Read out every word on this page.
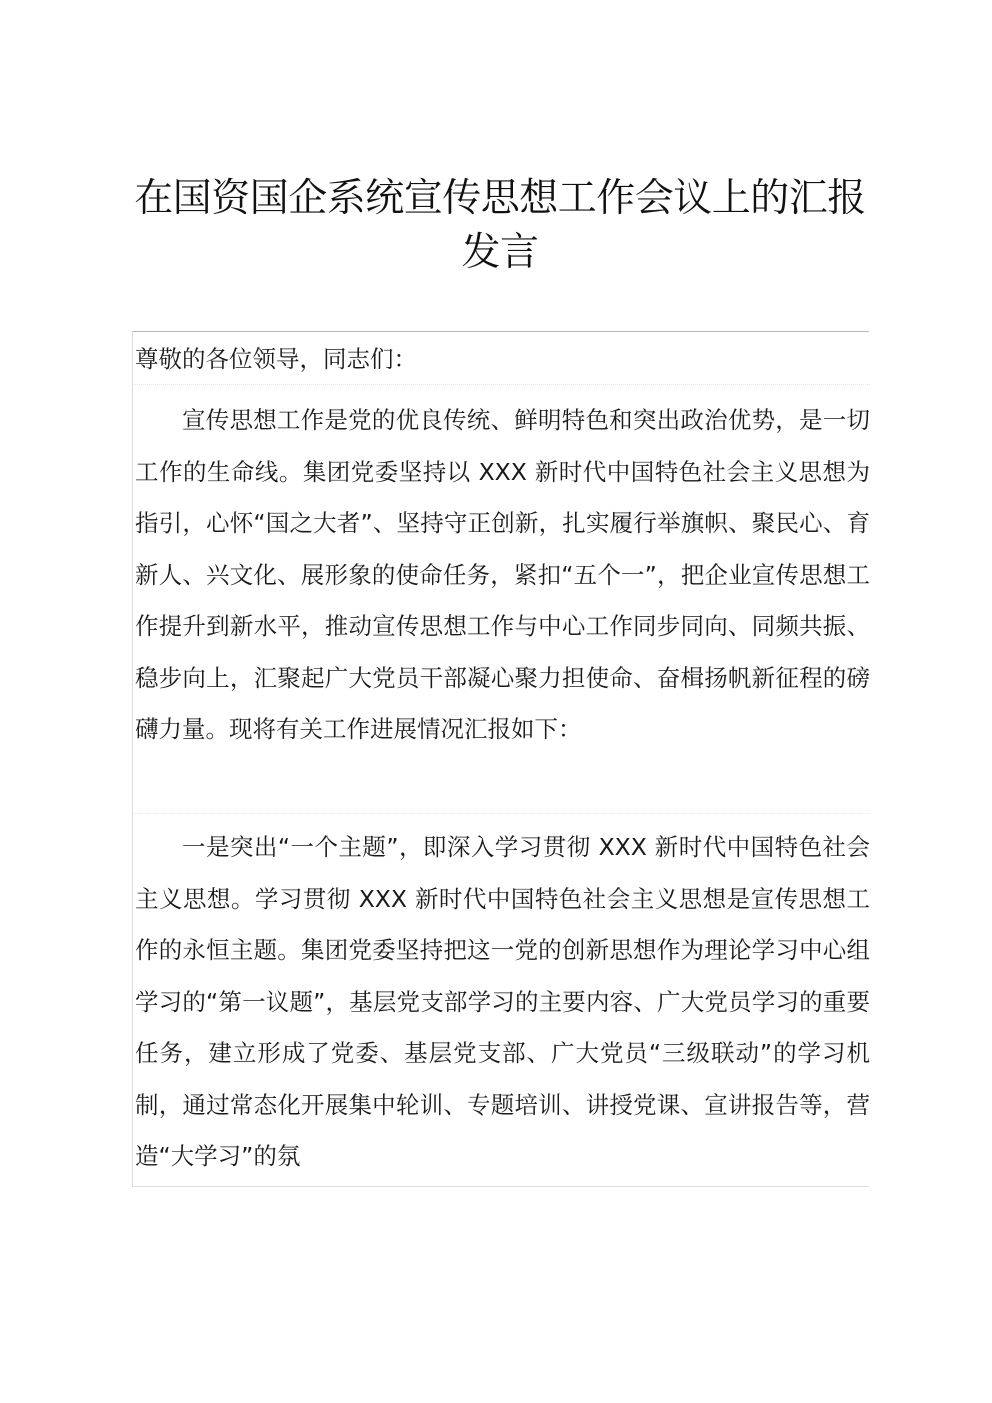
在国资国企系统宣传思想工作会议上的汇报发言

尊敬的各位领导，同志们：

宣传思想工作是党的优良传统、鲜明特色和突出政治优势，是一切工作的生命线。集团党委坚持以 XXX 新时代中国特色社会主义思想为指引，心怀“国之大者”、坚持守正创新，扎实履行举旗帜、聚民心、育新人、兴文化、展形象的使命任务，紧扣“五个一”，把企业宣传思想工作提升到新水平，推动宣传思想工作与中心工作同步同向、同频共振、稳步向上，汇聚起广大党员干部凝心聚力担使命、奋楫扬帆新征程的磅礴力量。现将有关工作进展情况汇报如下：

一是突出“一个主题”，即深入学习贯彻 XXX 新时代中国特色社会主义思想。学习贯彻 XXX 新时代中国特色社会主义思想是宣传思想工作的永恒主题。集团党委坚持把这一党的创新思想作为理论学习中心组学习的“第一议题”，基层党支部学习的主要内容、广大党员学习的重要任务，建立形成了党委、基层党支部、广大党员“三级联动”的学习机制，通过常态化开展集中轮训、专题培训、讲授党课、宣讲报告等，营造“大学习”的氛
